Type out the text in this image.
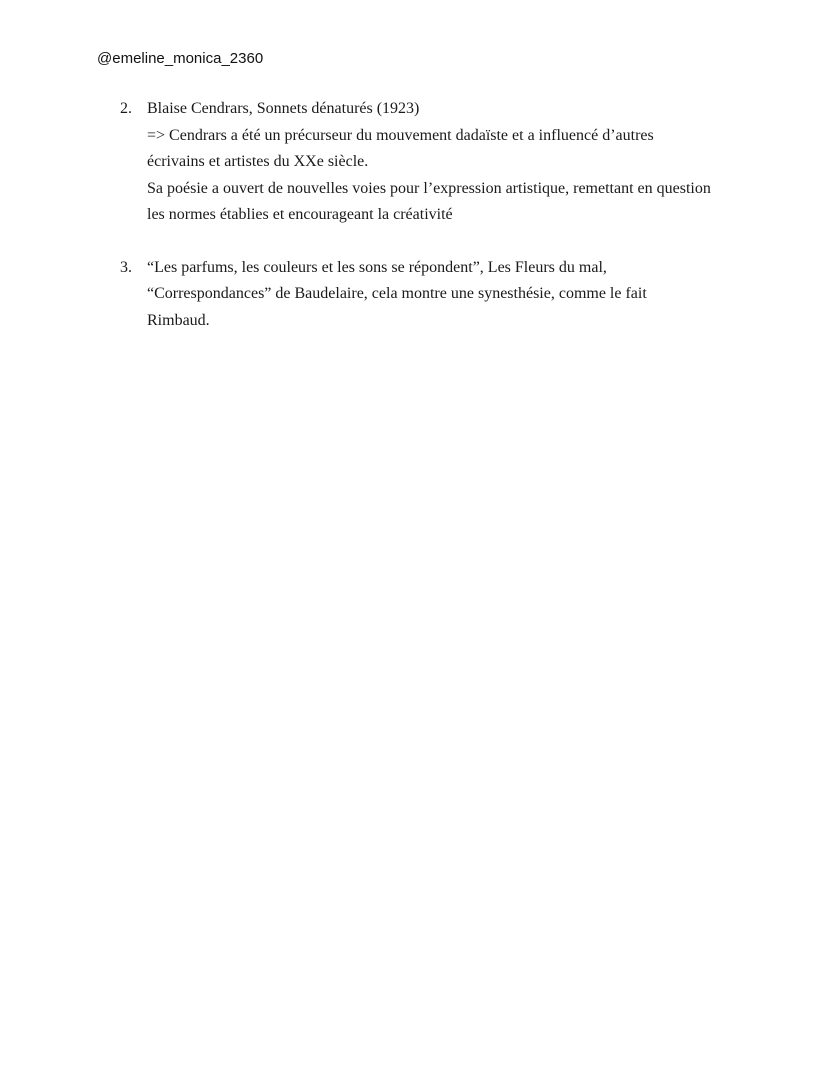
@emeline_monica_2360
2. Blaise Cendrars, Sonnets dénaturés (1923)
=> Cendrars a été un précurseur du mouvement dadaïste et a influencé d’autres
écrivains et artistes du XXe siècle.
Sa poésie a ouvert de nouvelles voies pour l’expression artistique, remettant en question
les normes établies et encourageant la créativité
3. “Les parfums, les couleurs et les sons se répondent”, Les Fleurs du mal,
“Correspondances” de Baudelaire, cela montre une synesthésie, comme le fait
Rimbaud.
